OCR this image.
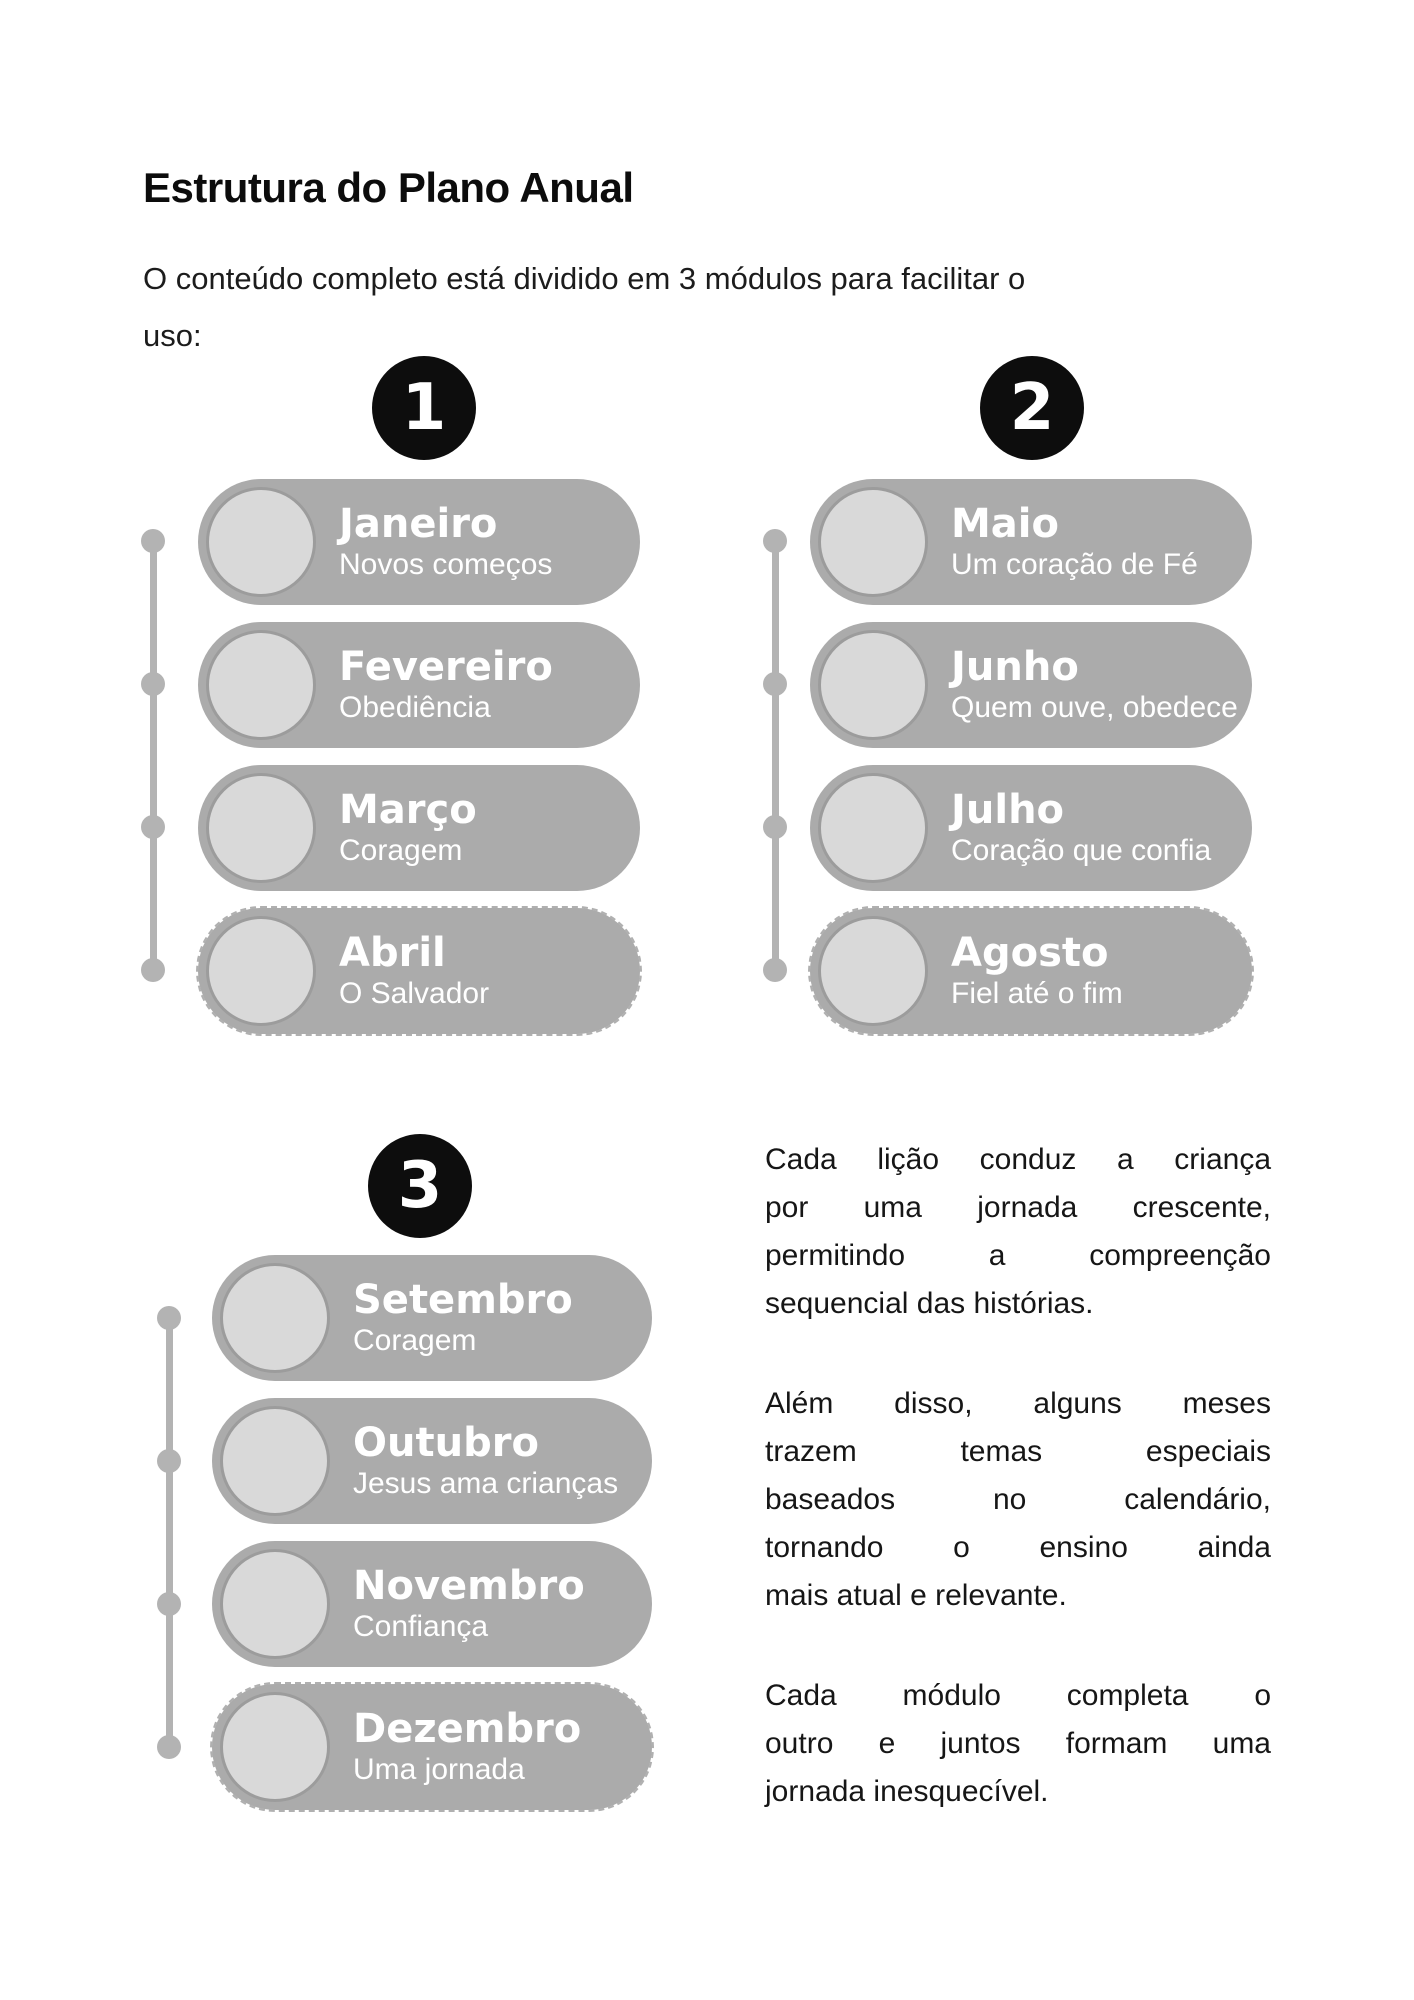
Estrutura do Plano Anual
O conteúdo completo está dividido em 3 módulos para facilitar o
uso:
1	2
3
Janeiro
Novos começos
Fevereiro
Obediência
Março
Coragem
Abril
O Salvador
Maio
Um coração de Fé
Junho
Quem ouve, obedece
Julho
Coração que confia
Agosto
Fiel até o fim
Setembro
Coragem
Outubro
Jesus ama crianças
Novembro
Confiança
Dezembro
Uma jornada
Cada lição conduz a criança
por uma jornada crescente,
permitindo a compreenção
sequencial das histórias.
Além disso, alguns meses
trazem temas especiais
baseados no calendário,
tornando o ensino ainda
mais atual e relevante.
Cada módulo completa o
outro e juntos formam uma
jornada inesquecível.
